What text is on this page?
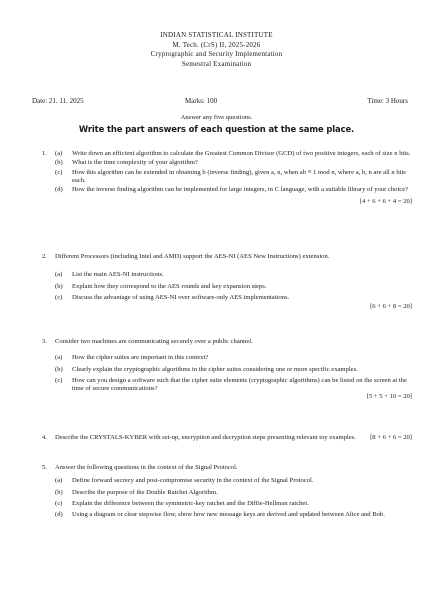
INDIAN STATISTICAL INSTITUTE
M. Tech. (CrS) II, 2025-2026
Cryptographic and Security Implementation
Semestral Examination
Date: 21. 11. 2025	Marks: 100	Time: 3 Hours
Answer any five questions.
Write the part answers of each question at the same place.
1. (a) Write down an efficient algorithm to calculate the Greatest Common Divisor (GCD) of two positive integers, each of size n bits.
(b) What is the time complexity of your algorithm?
(c) How this algorithm can be extended in obtaining b (inverse finding), given a, n, when ab ≡ 1 mod n, where a, b, n are all n bits each.
(d) How the inverse finding algorithm can be implemented for large integers, in C language, with a suitable library of your choice?
[4 + 6 + 6 + 4 = 20]
2. Different Processors (including Intel and AMD) support the AES-NI (AES New Instructions) extension.
(a) List the main AES-NI instructions.
(b) Explain how they correspond to the AES rounds and key expansion steps.
(c) Discuss the advantage of using AES-NI over software-only AES implementations.
[6 + 6 + 8 = 20]
3. Consider two machines are communicating securely over a public channel.
(a) How the cipher suites are important in this context?
(b) Clearly explain the cryptographic algorithms in the cipher suites considering one or more specific examples.
(c) How can you design a software such that the cipher suite elements (cryptographic algorithms) can be listed on the screen at the time of secure communications?
[5 + 5 + 10 = 20]
4. Describe the CRYSTALS-KYBER with set-up, encryption and decryption steps presenting relevant toy examples.	[8 + 6 + 6 = 20]
5. Answer the following questions in the context of the Signal Protocol.
(a) Define forward secrecy and post-compromise security in the context of the Signal Protocol.
(b) Describe the purpose of the Double Ratchet Algorithm.
(c) Explain the difference between the symmetric-key ratchet and the Diffie-Hellman ratchet.
(d) Using a diagram or clear stepwise flow, show how new message keys are derived and updated between Alice and Bob.
